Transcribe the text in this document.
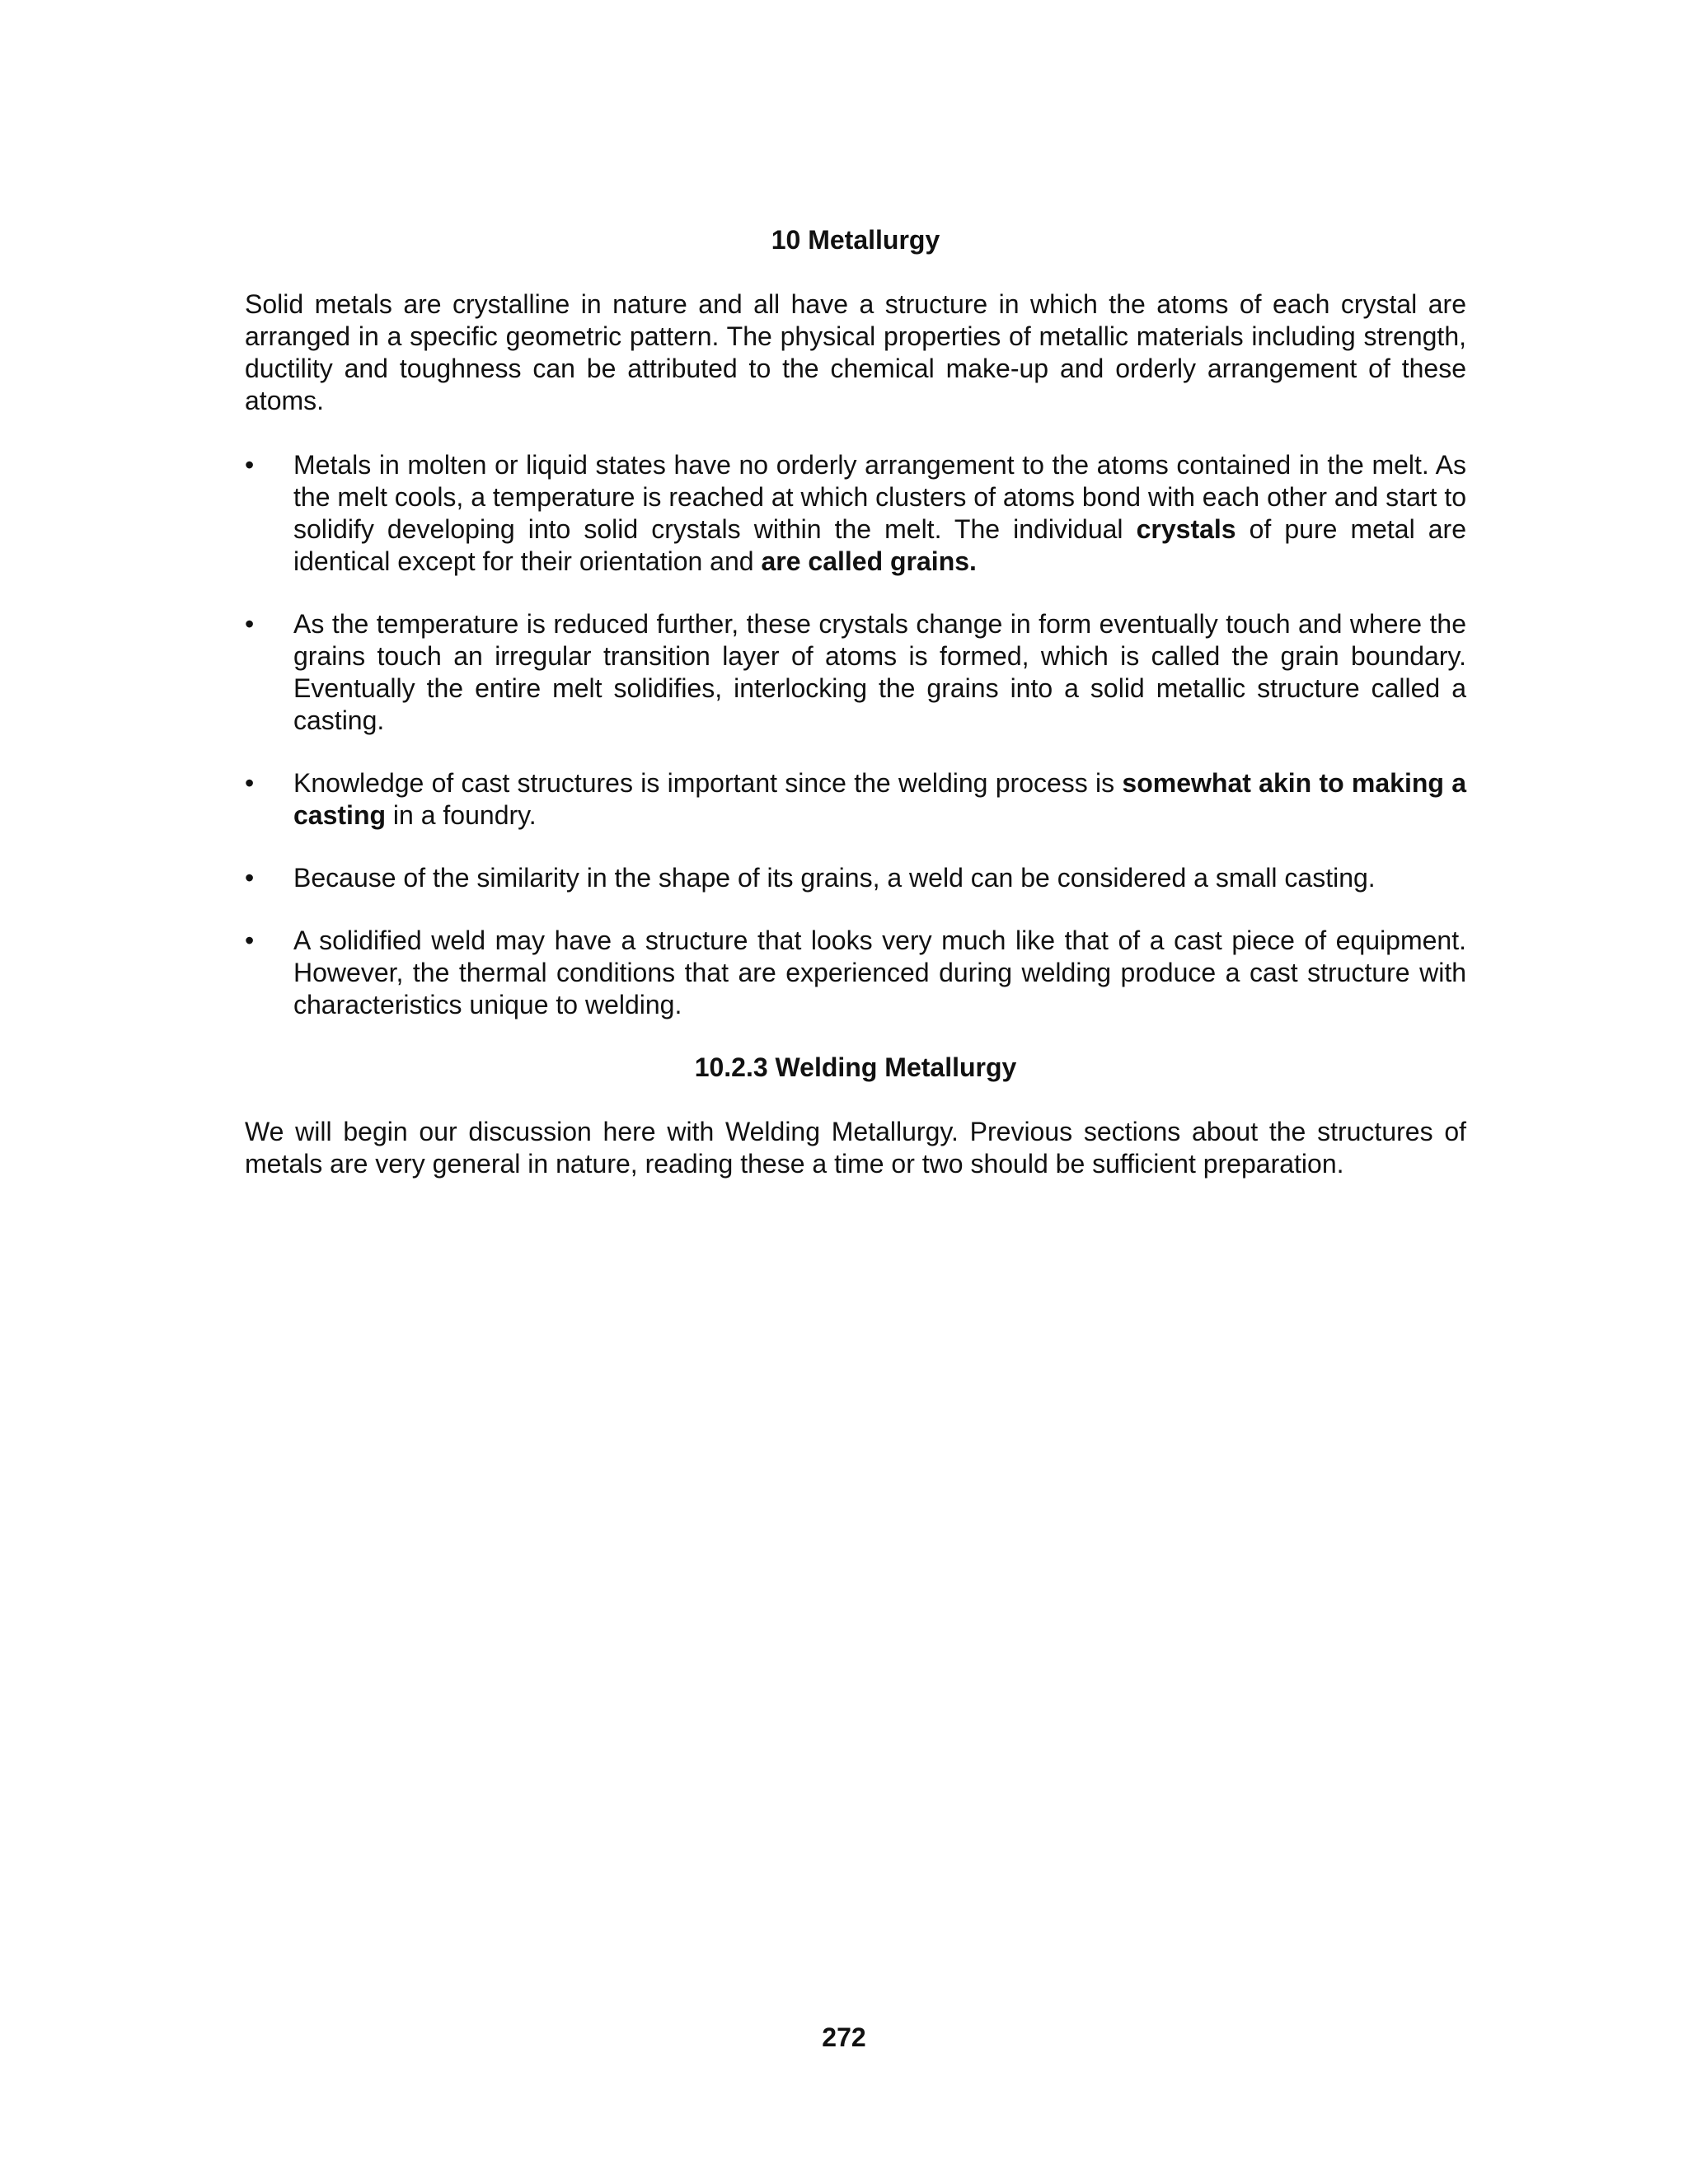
10 Metallurgy

Solid metals are crystalline in nature and all have a structure in which the atoms of each crystal are arranged in a specific geometric pattern. The physical properties of metallic materials including strength, ductility and toughness can be attributed to the chemical make-up and orderly arrangement of these atoms.

•	Metals in molten or liquid states have no orderly arrangement to the atoms contained in the melt. As the melt cools, a temperature is reached at which clusters of atoms bond with each other and start to solidify developing into solid crystals within the melt. The individual crystals of pure metal are identical except for their orientation and are called grains.
•	As the temperature is reduced further, these crystals change in form eventually touch and where the grains touch an irregular transition layer of atoms is formed, which is called the grain boundary. Eventually the entire melt solidifies, interlocking the grains into a solid metallic structure called a casting.
•	Knowledge of cast structures is important since the welding process is somewhat akin to making a casting in a foundry.
•	Because of the similarity in the shape of its grains, a weld can be considered a small casting.
•	A solidified weld may have a structure that looks very much like that of a cast piece of equipment. However, the thermal conditions that are experienced during welding produce a cast structure with characteristics unique to welding.
10.2.3 Welding Metallurgy

We will begin our discussion here with Welding Metallurgy. Previous sections about the structures of metals are very general in nature, reading these a time or two should be sufficient preparation.

272
